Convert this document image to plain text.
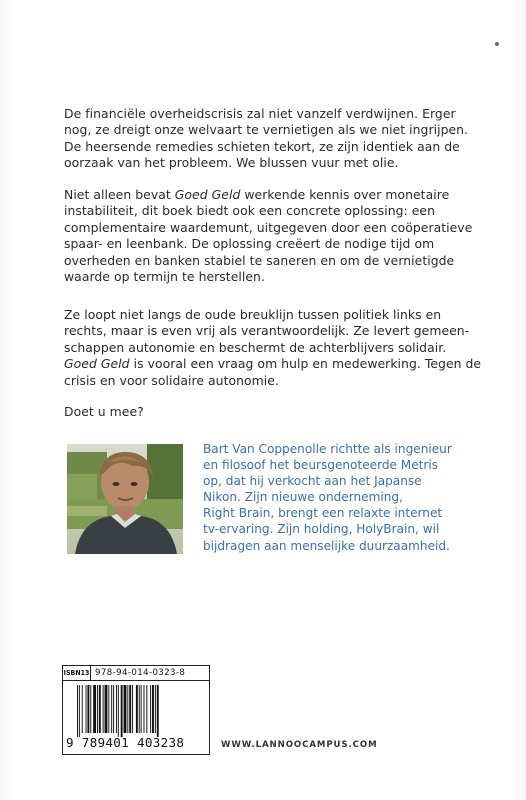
De financiële overheidscrisis zal niet vanzelf verdwijnen. Erger
nog, ze dreigt onze welvaart te vernietigen als we niet ingrijpen.
De heersende remedies schieten tekort, ze zijn identiek aan de
oorzaak van het probleem. We blussen vuur met olie.
Niet alleen bevat Goed Geld werkende kennis over monetaire
instabiliteit, dit boek biedt ook een concrete oplossing: een
complementaire waardemunt, uitgegeven door een coöperatieve
spaar- en leenbank. De oplossing creëert de nodige tijd om
overheden en banken stabiel te saneren en om de vernietigde
waarde op termijn te herstellen.
Ze loopt niet langs de oude breuklijn tussen politiek links en
rechts, maar is even vrij als verantwoordelijk. Ze levert gemeen-
schappen autonomie en beschermt de achterblijvers solidair.
Goed Geld is vooral een vraag om hulp en medewerking. Tegen de
crisis en voor solidaire autonomie.
Doet u mee?
Bart Van Coppenolle richtte als ingenieur
en filosoof het beursgenoteerde Metris
op, dat hij verkocht aan het Japanse
Nikon. Zijn nieuwe onderneming,
Right Brain, brengt een relaxte internet
tv-ervaring. Zijn holding, HolyBrain, wil
bijdragen aan menselijke duurzaamheid.
ISBN13 978-94-014-0323-8
9 789401 403238	WWW.LANNOOCAMPUS.COM
